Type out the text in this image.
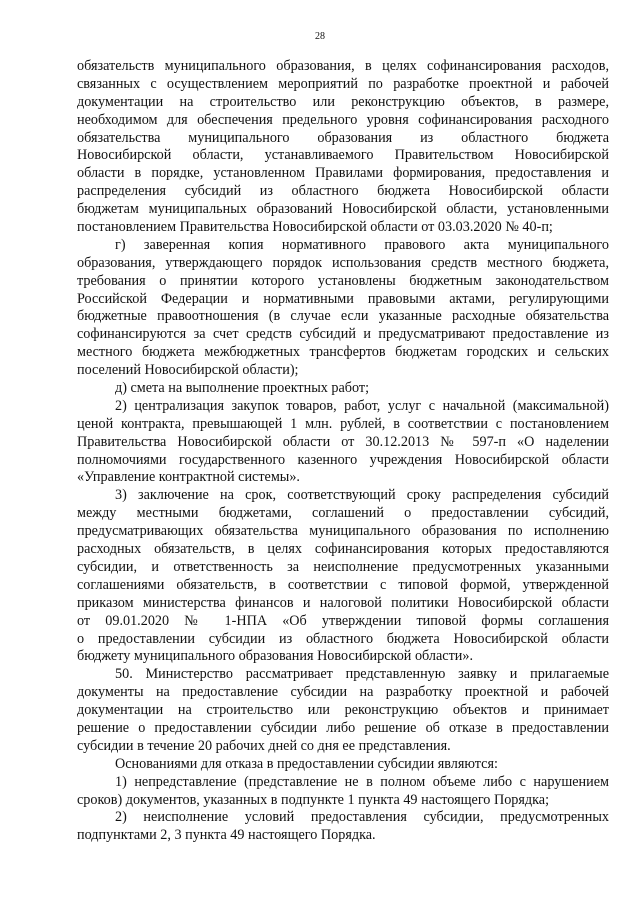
28
обязательств муниципального образования, в целях софинансирования расходов,
связанных с осуществлением мероприятий по разработке проектной и рабочей
документации на строительство или реконструкцию объектов, в размере,
необходимом для обеспечения предельного уровня софинансирования расходного
обязательства муниципального образования из областного бюджета
Новосибирской области, устанавливаемого Правительством Новосибирской
области в порядке, установленном Правилами формирования, предоставления и
распределения субсидий из областного бюджета Новосибирской области
бюджетам муниципальных образований Новосибирской области, установленными
постановлением Правительства Новосибирской области от 03.03.2020 № 40-п;
г) заверенная копия нормативного правового акта муниципального
образования, утверждающего порядок использования средств местного бюджета,
требования о принятии которого установлены бюджетным законодательством
Российской Федерации и нормативными правовыми актами, регулирующими
бюджетные правоотношения (в случае если указанные расходные обязательства
софинансируются за счет средств субсидий и предусматривают предоставление из
местного бюджета межбюджетных трансфертов бюджетам городских и сельских
поселений Новосибирской области);
д) смета на выполнение проектных работ;
2) централизация закупок товаров, работ, услуг с начальной (максимальной)
ценой контракта, превышающей 1 млн. рублей, в соответствии с постановлением
Правительства Новосибирской области от 30.12.2013 № 597-п «О наделении
полномочиями государственного казенного учреждения Новосибирской области
«Управление контрактной системы».
3) заключение на срок, соответствующий сроку распределения субсидий
между местными бюджетами, соглашений о предоставлении субсидий,
предусматривающих обязательства муниципального образования по исполнению
расходных обязательств, в целях софинансирования которых предоставляются
субсидии, и ответственность за неисполнение предусмотренных указанными
соглашениями обязательств, в соответствии с типовой формой, утвержденной
приказом министерства финансов и налоговой политики Новосибирской области
от 09.01.2020 № 1-НПА «Об утверждении типовой формы соглашения
о предоставлении субсидии из областного бюджета Новосибирской области
бюджету муниципального образования Новосибирской области».
50. Министерство рассматривает представленную заявку и прилагаемые
документы на предоставление субсидии на разработку проектной и рабочей
документации на строительство или реконструкцию объектов и принимает
решение о предоставлении субсидии либо решение об отказе в предоставлении
субсидии в течение 20 рабочих дней со дня ее представления.
Основаниями для отказа в предоставлении субсидии являются:
1) непредставление (представление не в полном объеме либо с нарушением
сроков) документов, указанных в подпункте 1 пункта 49 настоящего Порядка;
2) неисполнение условий предоставления субсидии, предусмотренных
подпунктами 2, 3 пункта 49 настоящего Порядка.
